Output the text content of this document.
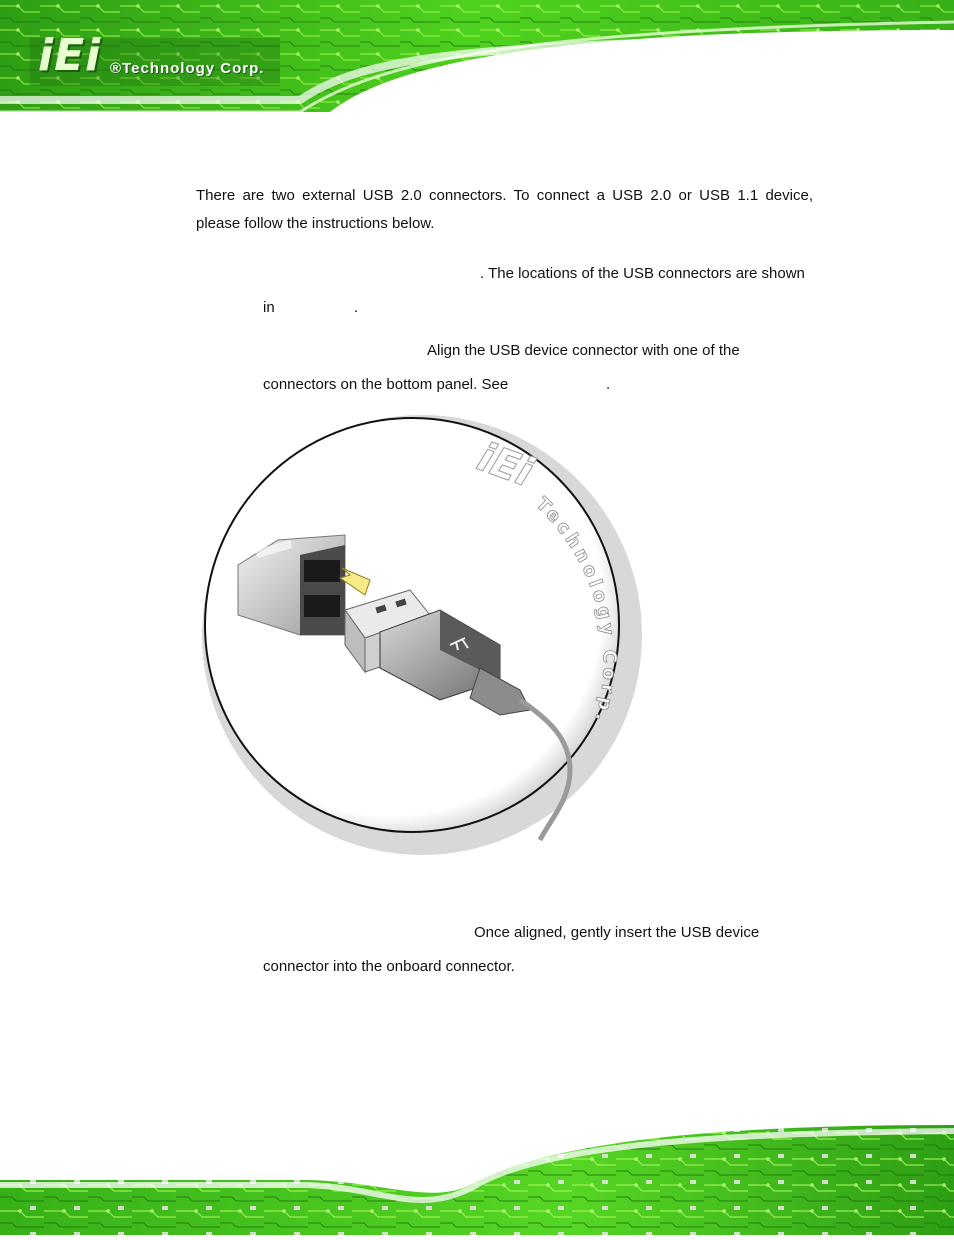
iEi ®Technology Corp.
There are two external USB 2.0 connectors. To connect a USB 2.0 or USB 1.1 device,
please follow the instructions below.
. The locations of the USB connectors are shown
in	.
Align the USB device connector with one of the
connectors on the bottom panel. See	.
iEi
Technology Corp.
Once aligned, gently insert the USB device
connector into the onboard connector.
